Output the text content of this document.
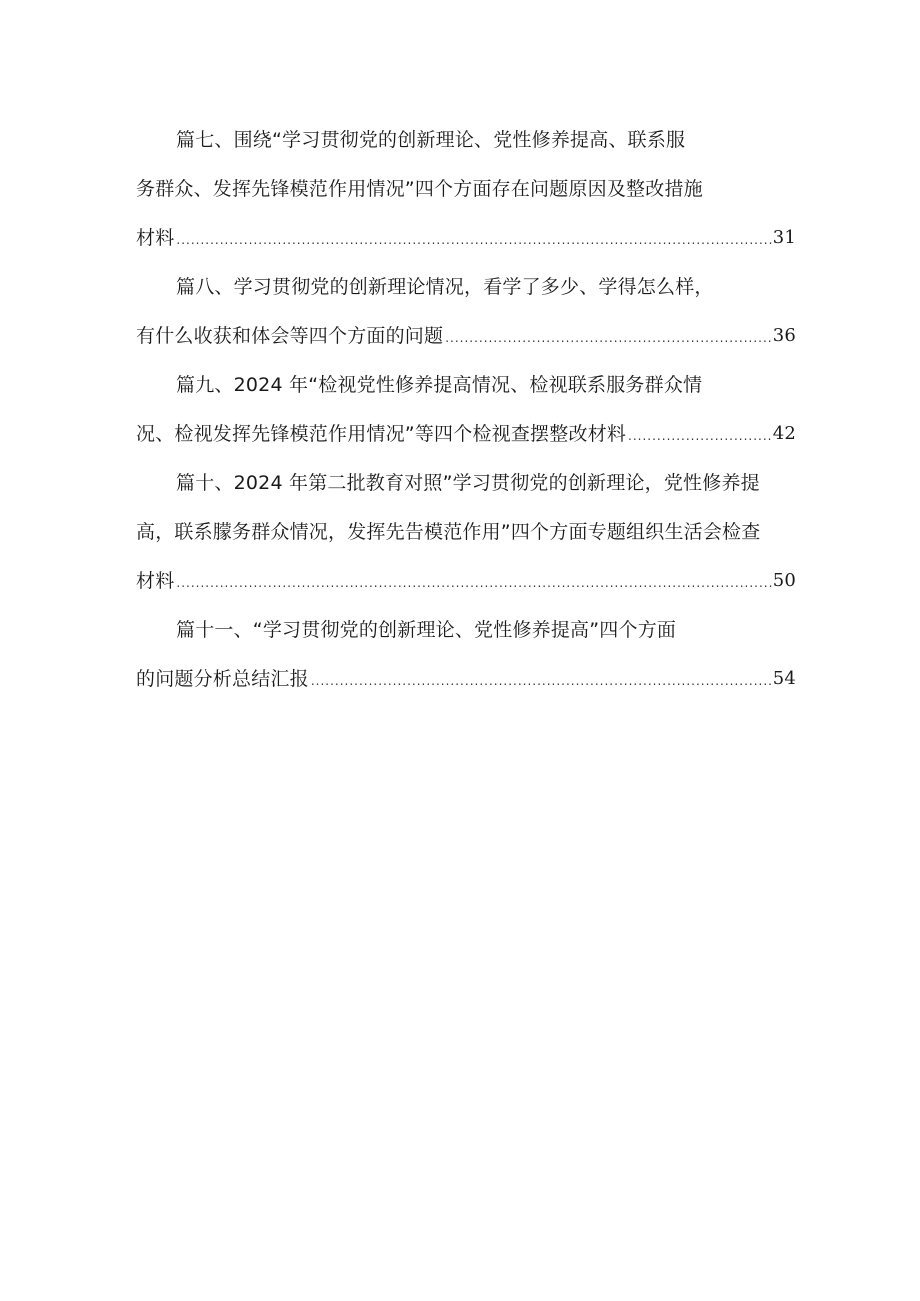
篇七、围绕“学习贯彻党的创新理论、党性修养提高、联系服
务群众、发挥先锋模范作用情况”四个方面存在问题原因及整改措施
材料 .....	31
篇八、学习贯彻党的创新理论情况，看学了多少、学得怎么样，
有什么收获和体会等四个方面的问题 .....	36
篇九、2024 年“检视党性修养提高情况、检视联系服务群众情
况、检视发挥先锋模范作用情况”等四个检视查摆整改材料 .....	42
篇十、2024 年第二批教育对照”学习贯彻党的创新理论，党性修养提
高，联系朦务群众情况，发挥先告模范作用”四个方面专题组织生活会检查
材料 .....	50
篇十一、“学习贯彻党的创新理论、党性修养提高”四个方面
的问题分析总结汇报 .....	54
